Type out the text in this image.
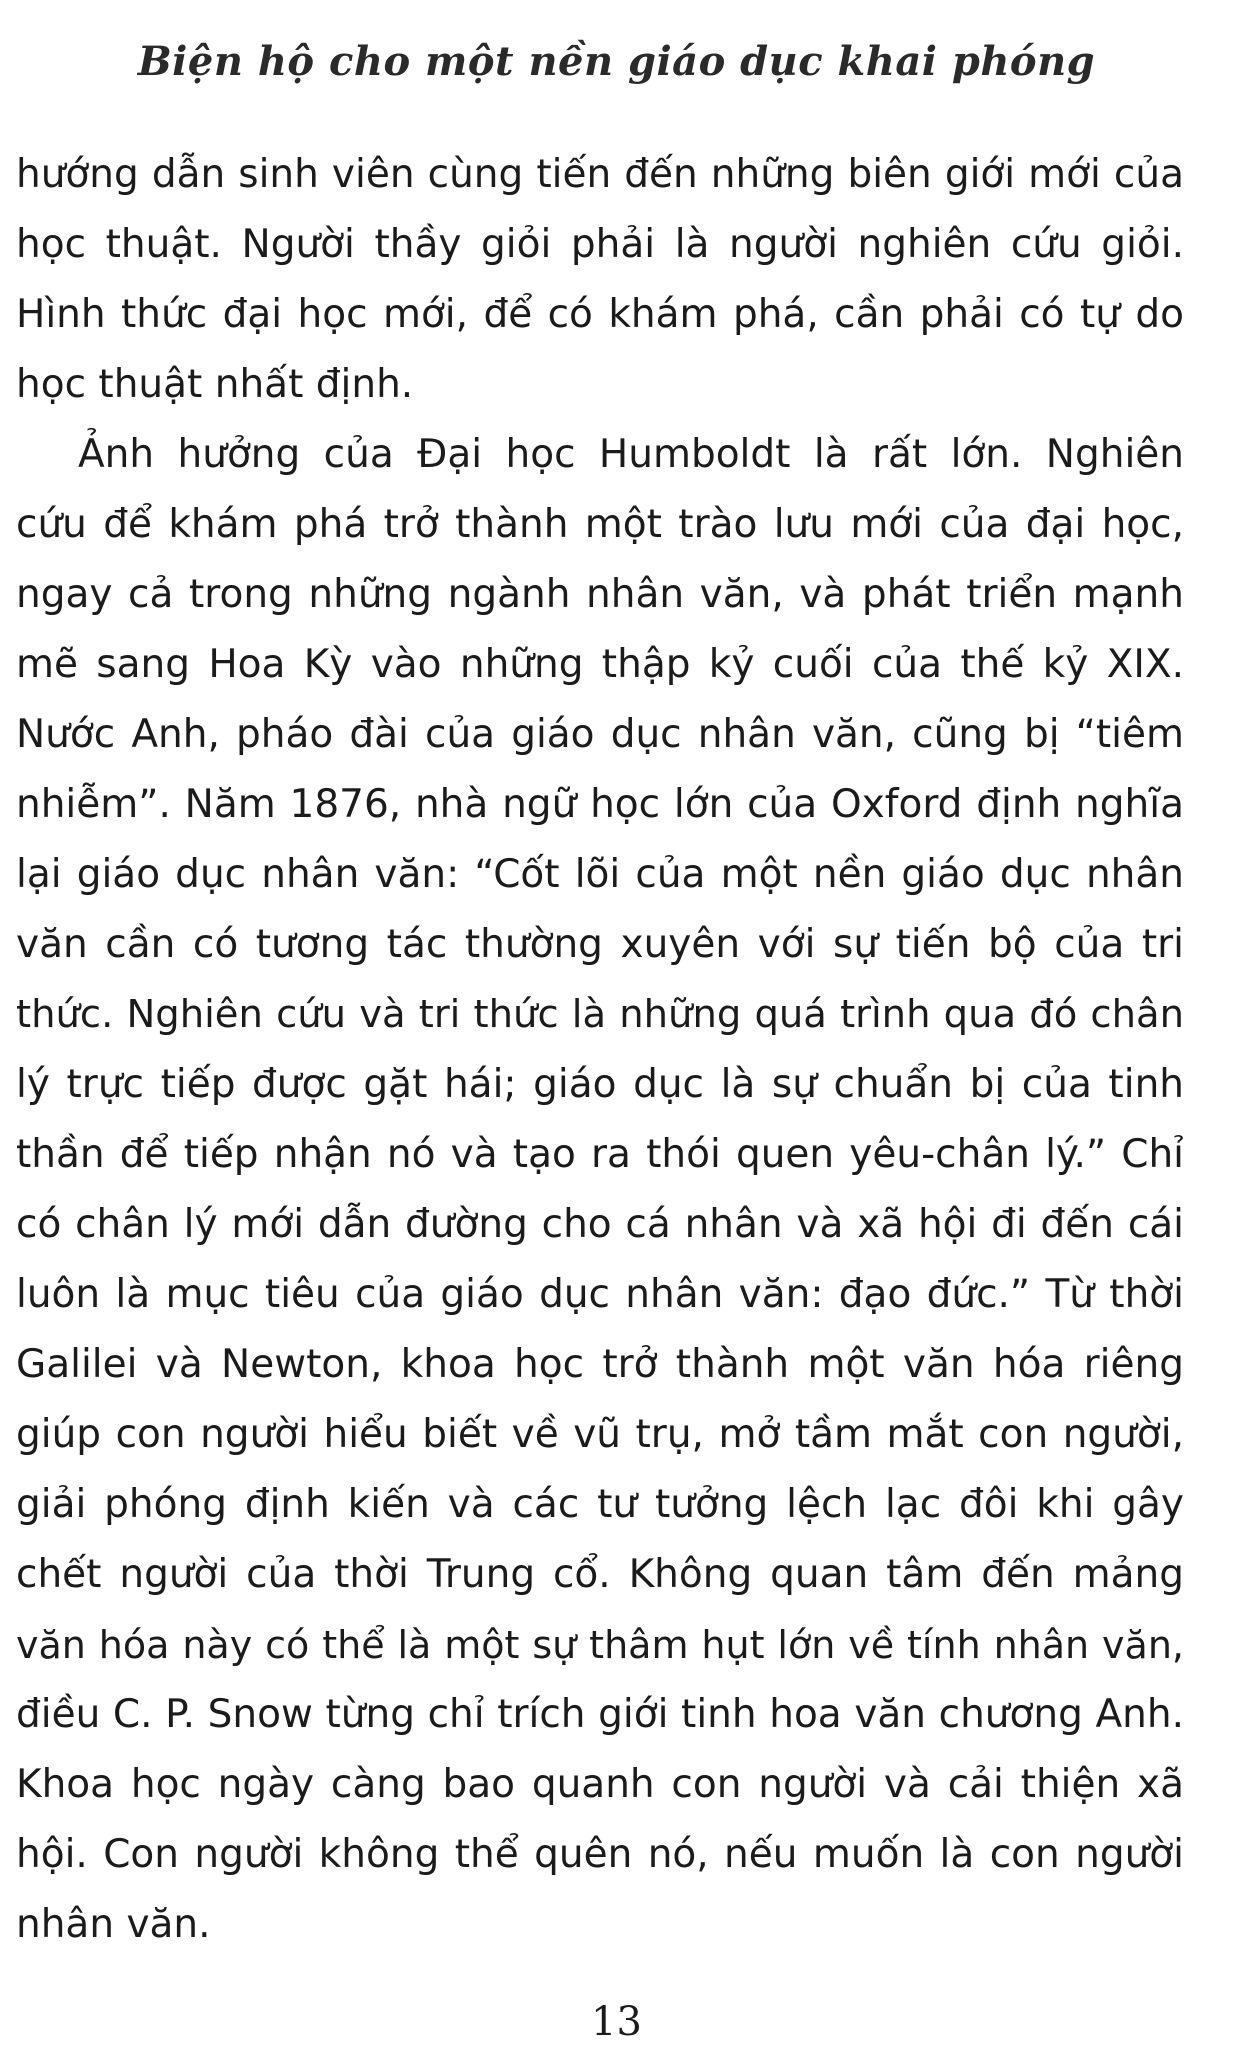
Biện hộ cho một nền giáo dục khai phóng
hướng dẫn sinh viên cùng tiến đến những biên giới mới của
học thuật. Người thầy giỏi phải là người nghiên cứu giỏi.
Hình thức đại học mới, để có khám phá, cần phải có tự do
học thuật nhất định.
Ảnh hưởng của Đại học Humboldt là rất lớn. Nghiên
cứu để khám phá trở thành một trào lưu mới của đại học,
ngay cả trong những ngành nhân văn, và phát triển mạnh
mẽ sang Hoa Kỳ vào những thập kỷ cuối của thế kỷ XIX.
Nước Anh, pháo đài của giáo dục nhân văn, cũng bị “tiêm
nhiễm”. Năm 1876, nhà ngữ học lớn của Oxford định nghĩa
lại giáo dục nhân văn: “Cốt lõi của một nền giáo dục nhân
văn cần có tương tác thường xuyên với sự tiến bộ của tri
thức. Nghiên cứu và tri thức là những quá trình qua đó chân
lý trực tiếp được gặt hái; giáo dục là sự chuẩn bị của tinh
thần để tiếp nhận nó và tạo ra thói quen yêu-chân lý.” Chỉ
có chân lý mới dẫn đường cho cá nhân và xã hội đi đến cái
luôn là mục tiêu của giáo dục nhân văn: đạo đức.” Từ thời
Galilei và Newton, khoa học trở thành một văn hóa riêng
giúp con người hiểu biết về vũ trụ, mở tầm mắt con người,
giải phóng định kiến và các tư tưởng lệch lạc đôi khi gây
chết người của thời Trung cổ. Không quan tâm đến mảng
văn hóa này có thể là một sự thâm hụt lớn về tính nhân văn,
điều C. P. Snow từng chỉ trích giới tinh hoa văn chương Anh.
Khoa học ngày càng bao quanh con người và cải thiện xã
hội. Con người không thể quên nó, nếu muốn là con người
nhân văn.
13
